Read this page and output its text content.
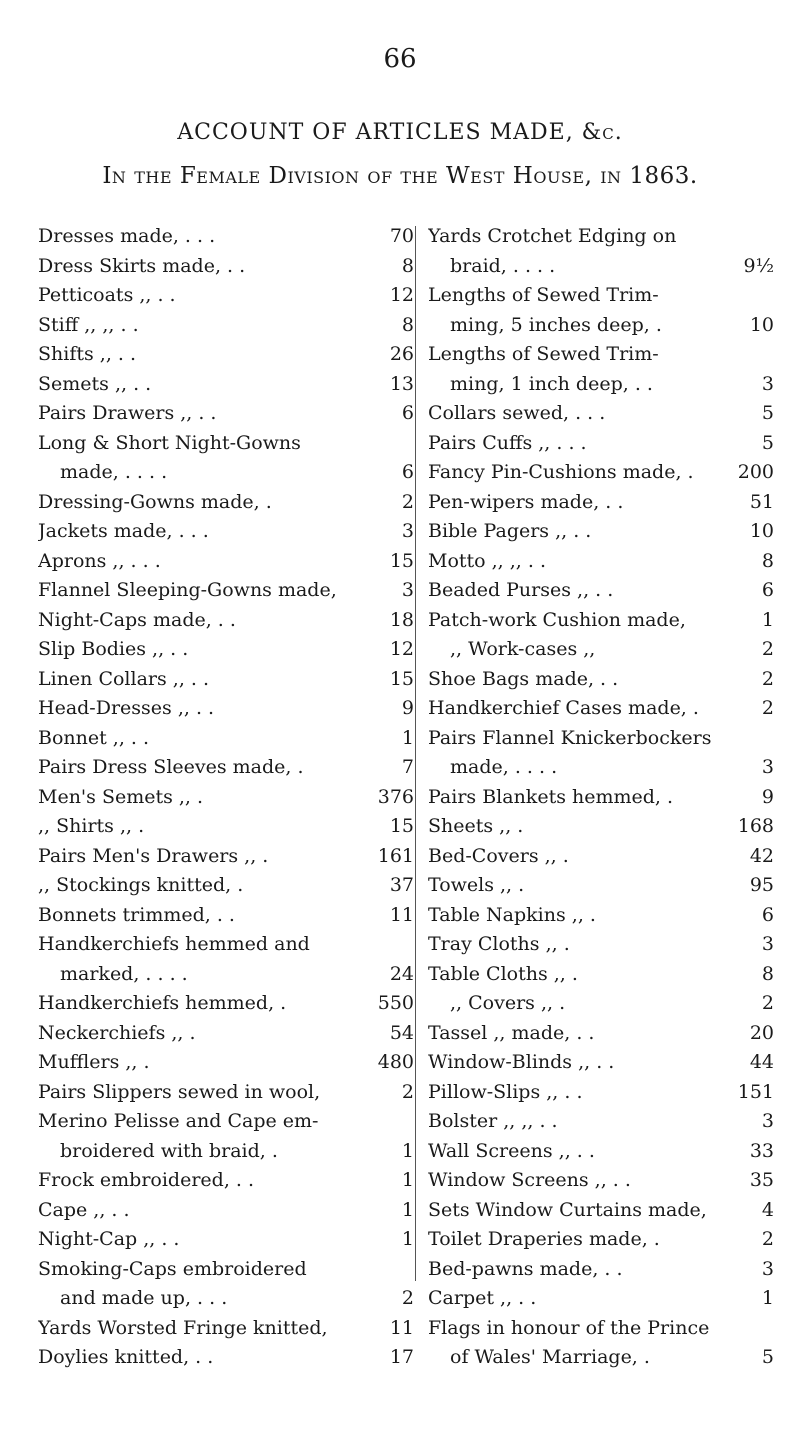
66
ACCOUNT OF ARTICLES MADE, &c.
In the Female Division of the West House, in 1863.
Dresses made, . . .	70
Dress Skirts made, . .	8
Petticoats ,, . .	12
Stiff ,, ,, . .	8
Shifts ,, . .	26
Semets ,, . .	13
Pairs Drawers ,, . .	6
Long & Short Night-Gowns
made, . . . .	6
Dressing-Gowns made, .	2
Jackets made, . . .	3
Aprons ,, . . .	15
Flannel Sleeping-Gowns made,	3
Night-Caps made, . .	18
Slip Bodies ,, . .	12
Linen Collars ,, . .	15
Head-Dresses ,, . .	9
Bonnet ,, . .	1
Pairs Dress Sleeves made, .	7
Men's Semets ,, .	376
,, Shirts ,, .	15
Pairs Men's Drawers ,, .	161
,, Stockings knitted, .	37
Bonnets trimmed, . .	11
Handkerchiefs hemmed and
marked, . . . .	24
Handkerchiefs hemmed, .	550
Neckerchiefs ,, .	54
Mufflers ,, .	480
Pairs Slippers sewed in wool,	2
Merino Pelisse and Cape em-
broidered with braid, .	1
Frock embroidered, . .	1
Cape ,, . .	1
Night-Cap ,, . .	1
Smoking-Caps embroidered
and made up, . . .	2
Yards Worsted Fringe knitted,	11
Doylies knitted, . .	17
Yards Crotchet Edging on
braid, . . . .	9½
Lengths of Sewed Trim-
ming, 5 inches deep, .	10
Lengths of Sewed Trim-
ming, 1 inch deep, . .	3
Collars sewed, . . .	5
Pairs Cuffs ,, . . .	5
Fancy Pin-Cushions made, .	200
Pen-wipers made, . .	51
Bible Pagers ,, . .	10
Motto ,, ,, . .	8
Beaded Purses ,, . .	6
Patch-work Cushion made,	1
,, Work-cases ,,	2
Shoe Bags made, . .	2
Handkerchief Cases made, .	2
Pairs Flannel Knickerbockers
made, . . . .	3
Pairs Blankets hemmed, .	9
Sheets ,, .	168
Bed-Covers ,, .	42
Towels ,, .	95
Table Napkins ,, .	6
Tray Cloths ,, .	3
Table Cloths ,, .	8
,, Covers ,, .	2
Tassel ,, made, . .	20
Window-Blinds ,, . .	44
Pillow-Slips ,, . .	151
Bolster ,, ,, . .	3
Wall Screens ,, . .	33
Window Screens ,, . .	35
Sets Window Curtains made,	4
Toilet Draperies made, .	2
Bed-pawns made, . .	3
Carpet ,, . .	1
Flags in honour of the Prince
of Wales' Marriage, .	5
